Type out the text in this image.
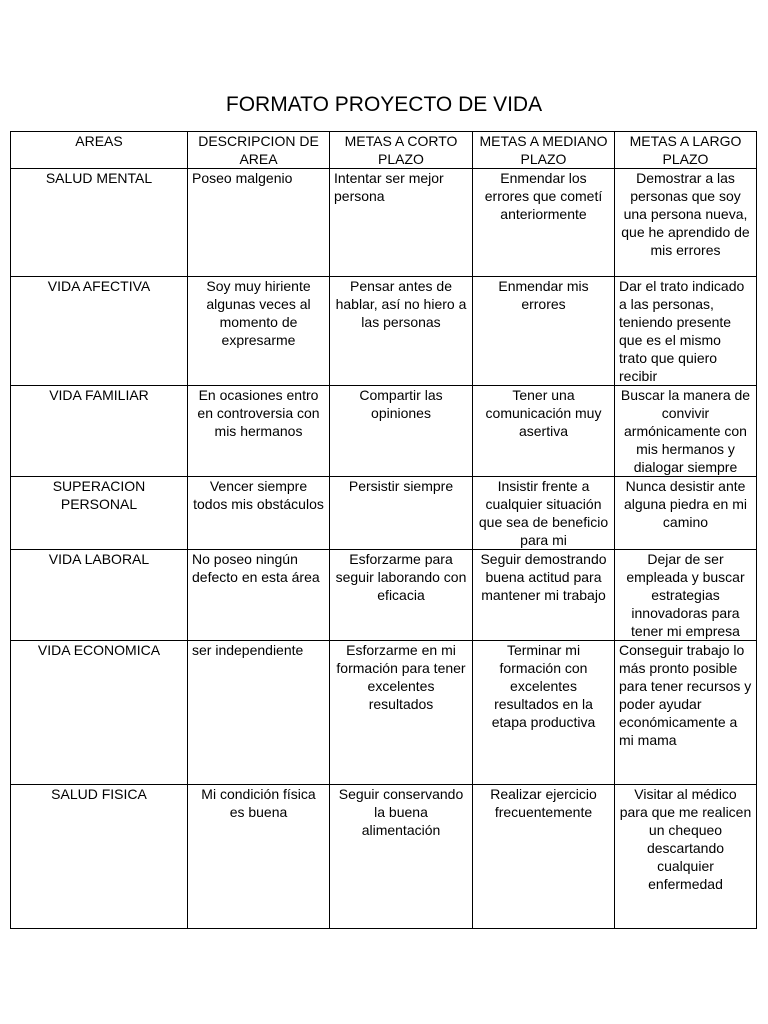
FORMATO PROYECTO DE VIDA
AREAS	DESCRIPCION DE AREA	METAS A CORTO PLAZO	METAS A MEDIANO PLAZO	METAS A LARGO PLAZO
SALUD MENTAL	Poseo malgenio	Intentar ser mejor persona	Enmendar los errores que cometí anteriormente	Demostrar a las personas que soy una persona nueva, que he aprendido de mis errores
VIDA AFECTIVA	Soy muy hiriente algunas veces al momento de expresarme	Pensar antes de hablar, así no hiero a las personas	Enmendar mis errores	Dar el trato indicado a las personas, teniendo presente que es el mismo trato que quiero recibir
VIDA FAMILIAR	En ocasiones entro en controversia con mis hermanos	Compartir las opiniones	Tener una comunicación muy asertiva	Buscar la manera de convivir armónicamente con mis hermanos y dialogar siempre
SUPERACION PERSONAL	Vencer siempre todos mis obstáculos	Persistir siempre	Insistir frente a cualquier situación que sea de beneficio para mi	Nunca desistir ante alguna piedra en mi camino
VIDA LABORAL	No poseo ningún defecto en esta área	Esforzarme para seguir laborando con eficacia	Seguir demostrando buena actitud para mantener mi trabajo	Dejar de ser empleada y buscar estrategias innovadoras para tener mi empresa
VIDA ECONOMICA	ser independiente	Esforzarme en mi formación para tener excelentes resultados	Terminar mi formación con excelentes resultados en la etapa productiva	Conseguir trabajo lo más pronto posible para tener recursos y poder ayudar económicamente a mi mama
SALUD FISICA	Mi condición física es buena	Seguir conservando la buena alimentación	Realizar ejercicio frecuentemente	Visitar al médico para que me realicen un chequeo descartando cualquier enfermedad
